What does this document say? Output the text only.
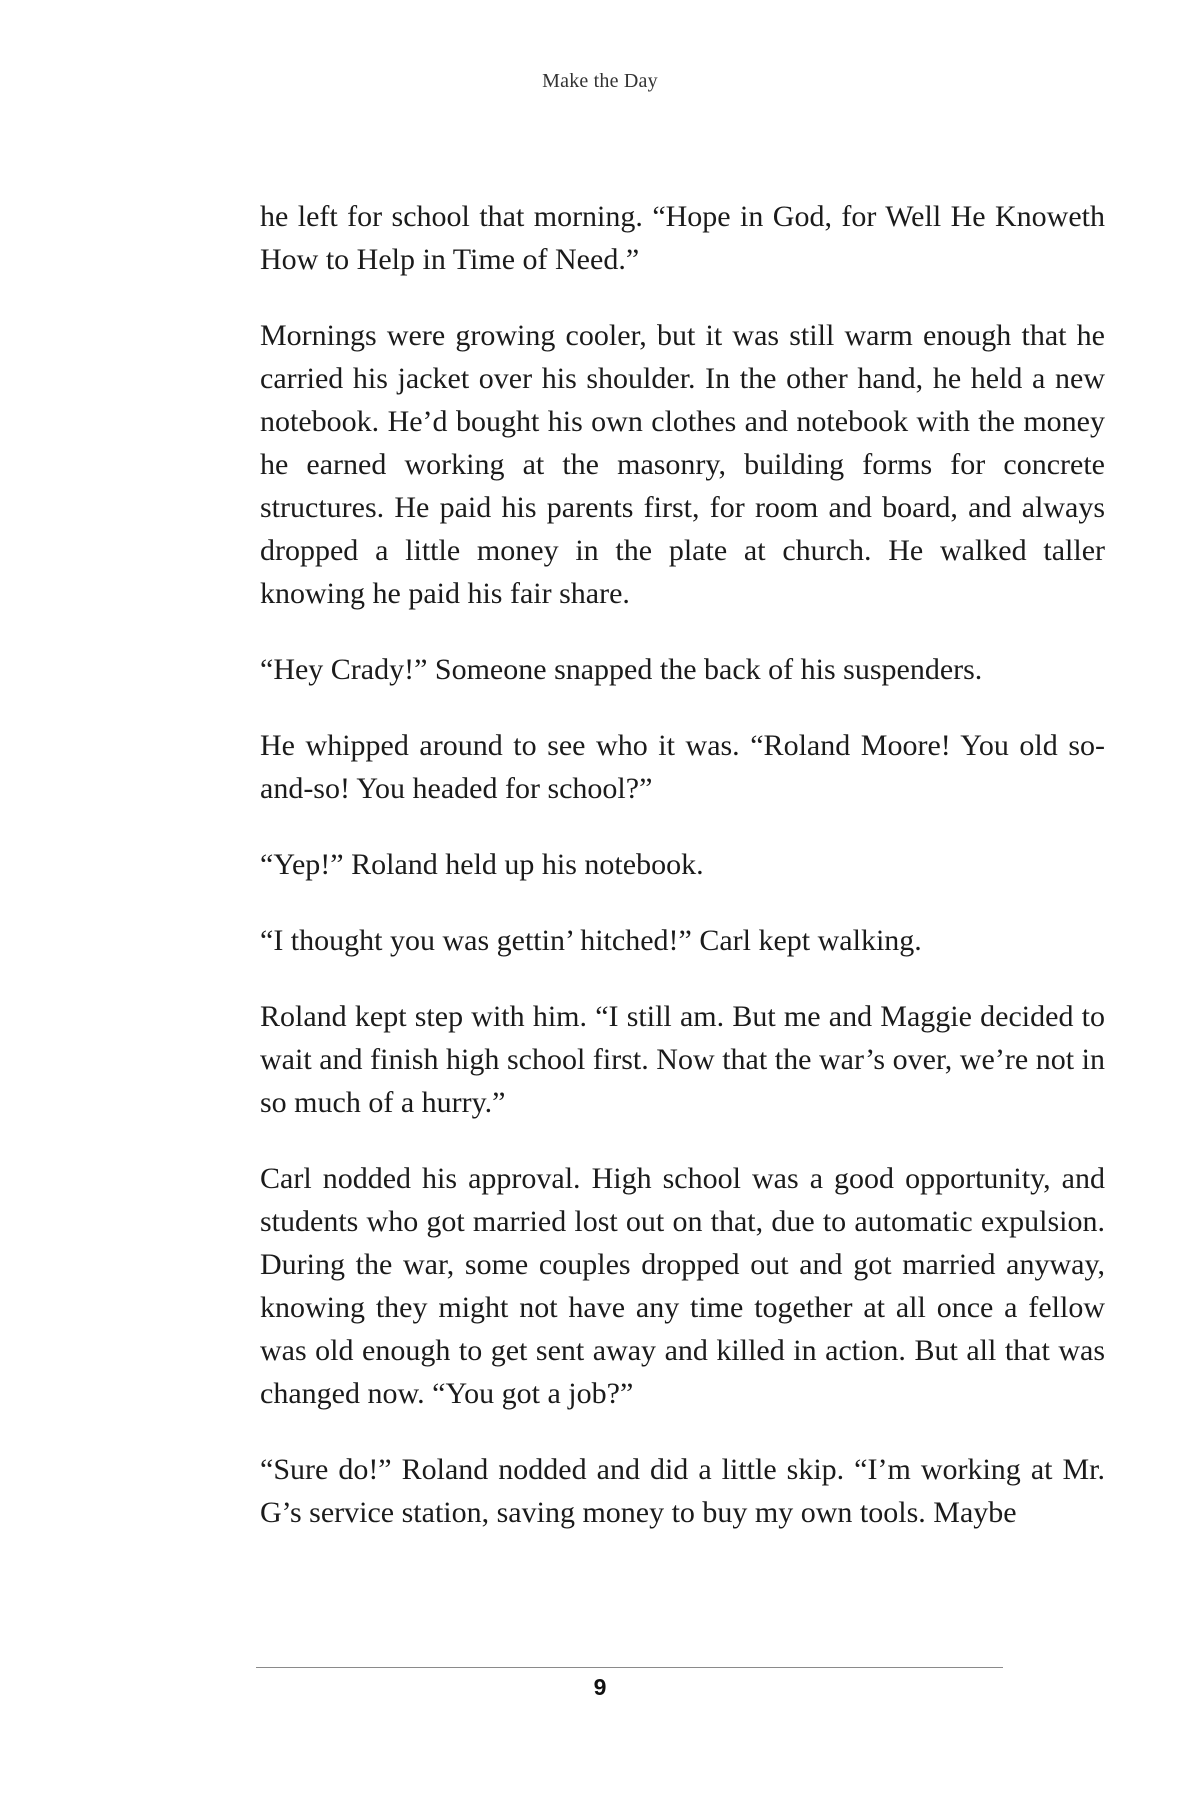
Make the Day

he left for school that morning. “Hope in God, for Well He Knoweth How to Help in Time of Need.”

Mornings were growing cooler, but it was still warm enough that he carried his jacket over his shoulder. In the other hand, he held a new notebook. He’d bought his own clothes and notebook with the money he earned working at the masonry, building forms for concrete structures. He paid his parents first, for room and board, and always dropped a little money in the plate at church. He walked taller knowing he paid his fair share.

“Hey Crady!” Someone snapped the back of his suspenders.

He whipped around to see who it was. “Roland Moore! You old so-and-so! You headed for school?”

“Yep!” Roland held up his notebook.

“I thought you was gettin’ hitched!” Carl kept walking.

Roland kept step with him. “I still am. But me and Maggie decided to wait and finish high school first. Now that the war’s over, we’re not in so much of a hurry.”

Carl nodded his approval. High school was a good opportunity, and students who got married lost out on that, due to automatic expulsion. During the war, some couples dropped out and got married anyway, knowing they might not have any time together at all once a fellow was old enough to get sent away and killed in action. But all that was changed now. “You got a job?”

“Sure do!” Roland nodded and did a little skip. “I’m working at Mr. G’s service station, saving money to buy my own tools. Maybe

9
